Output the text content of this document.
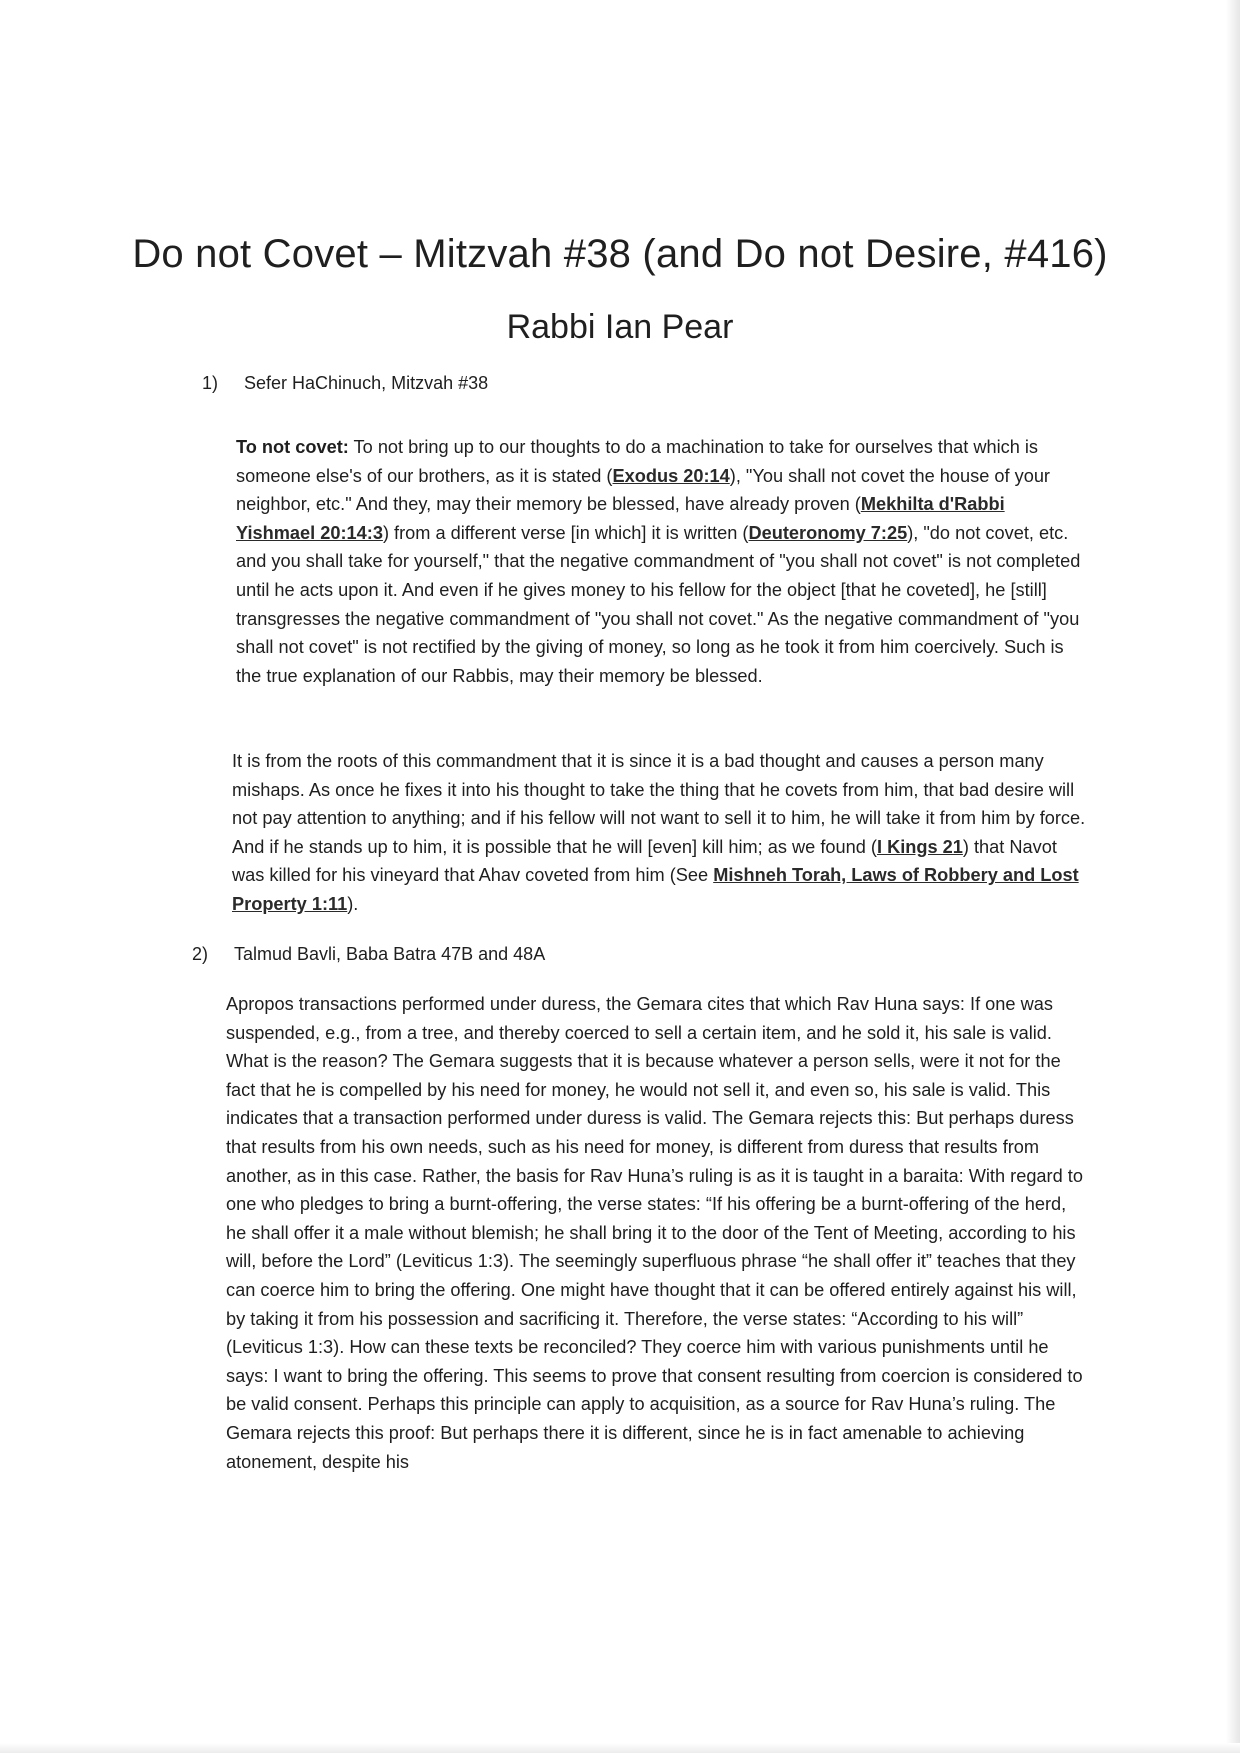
Do not Covet – Mitzvah #38 (and Do not Desire, #416)
Rabbi Ian Pear
1) Sefer HaChinuch, Mitzvah #38

To not covet: To not bring up to our thoughts to do a machination to take for ourselves that which is someone else's of our brothers, as it is stated (Exodus 20:14), "You shall not covet the house of your neighbor, etc." And they, may their memory be blessed, have already proven (Mekhilta d'Rabbi Yishmael 20:14:3) from a different verse [in which] it is written (Deuteronomy 7:25), "do not covet, etc. and you shall take for yourself," that the negative commandment of "you shall not covet" is not completed until he acts upon it. And even if he gives money to his fellow for the object [that he coveted], he [still] transgresses the negative commandment of "you shall not covet." As the negative commandment of "you shall not covet" is not rectified by the giving of money, so long as he took it from him coercively. Such is the true explanation of our Rabbis, may their memory be blessed.

It is from the roots of this commandment that it is since it is a bad thought and causes a person many mishaps. As once he fixes it into his thought to take the thing that he covets from him, that bad desire will not pay attention to anything; and if his fellow will not want to sell it to him, he will take it from him by force. And if he stands up to him, it is possible that he will [even] kill him; as we found (I Kings 21) that Navot was killed for his vineyard that Ahav coveted from him (See Mishneh Torah, Laws of Robbery and Lost Property 1:11).

2) Talmud Bavli, Baba Batra 47B and 48A

Apropos transactions performed under duress, the Gemara cites that which Rav Huna says: If one was suspended, e.g., from a tree, and thereby coerced to sell a certain item, and he sold it, his sale is valid. What is the reason? The Gemara suggests that it is because whatever a person sells, were it not for the fact that he is compelled by his need for money, he would not sell it, and even so, his sale is valid. This indicates that a transaction performed under duress is valid. The Gemara rejects this: But perhaps duress that results from his own needs, such as his need for money, is different from duress that results from another, as in this case. Rather, the basis for Rav Huna’s ruling is as it is taught in a baraita: With regard to one who pledges to bring a burnt-offering, the verse states: “If his offering be a burnt-offering of the herd, he shall offer it a male without blemish; he shall bring it to the door of the Tent of Meeting, according to his will, before the Lord” (Leviticus 1:3). The seemingly superfluous phrase “he shall offer it” teaches that they can coerce him to bring the offering. One might have thought that it can be offered entirely against his will, by taking it from his possession and sacrificing it. Therefore, the verse states: “According to his will” (Leviticus 1:3). How can these texts be reconciled? They coerce him with various punishments until he says: I want to bring the offering. This seems to prove that consent resulting from coercion is considered to be valid consent. Perhaps this principle can apply to acquisition, as a source for Rav Huna’s ruling. The Gemara rejects this proof: But perhaps there it is different, since he is in fact amenable to achieving atonement, despite his
